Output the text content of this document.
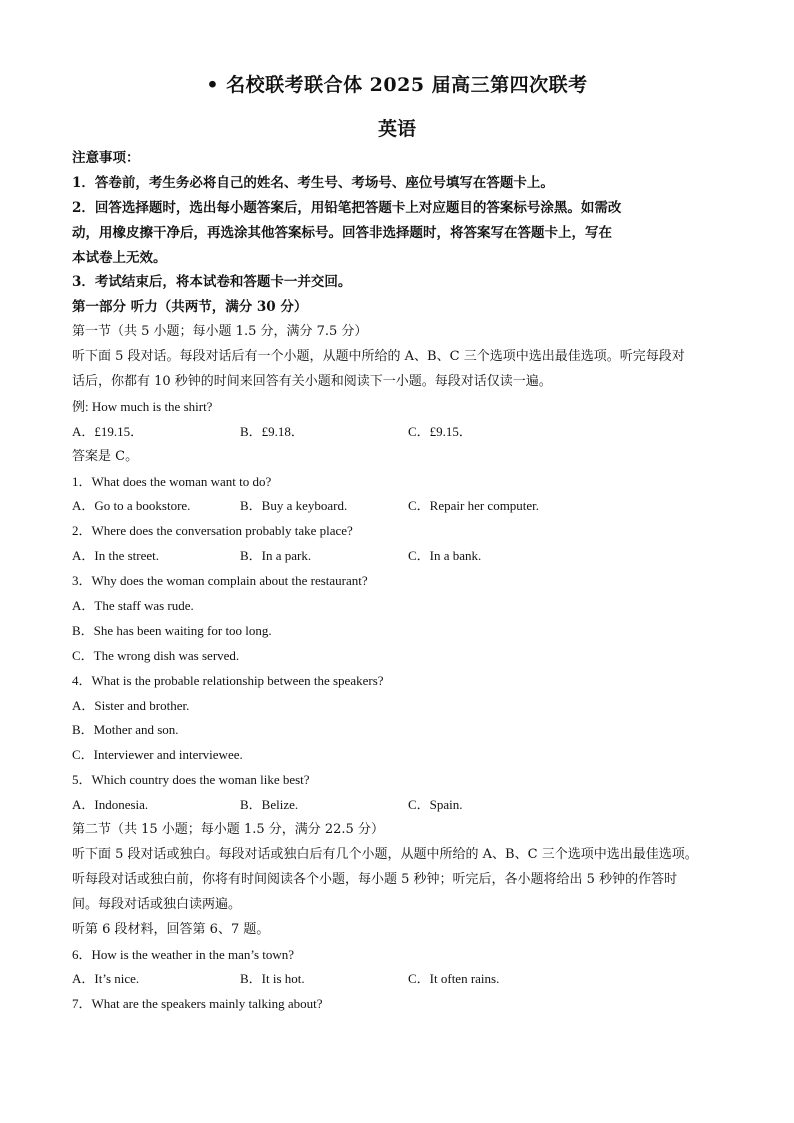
• 名校联考联合体 2025 届高三第四次联考
英语
注意事项：
1．答卷前，考生务必将自己的姓名、考生号、考场号、座位号填写在答题卡上。
2．回答选择题时，选出每小题答案后，用铅笔把答题卡上对应题目的答案标号涂黑。如需改
动，用橡皮擦干净后，再选涂其他答案标号。回答非选择题时，将答案写在答题卡上，写在
本试卷上无效。
3．考试结束后，将本试卷和答题卡一并交回。
第一部分 听力（共两节，满分 30 分）
第一节（共 5 小题；每小题 1.5 分，满分 7.5 分）
听下面 5 段对话。每段对话后有一个小题，从题中所给的 A、B、C 三个选项中选出最佳选项。听完每段对
话后，你都有 10 秒钟的时间来回答有关小题和阅读下一小题。每段对话仅读一遍。
例: How much is the shirt?
A．£19.15．	B．£9.18．	C．£9.15．
答案是 C。
1．What does the woman want to do?
A．Go to a bookstore.	B．Buy a keyboard.	C．Repair her computer.
2．Where does the conversation probably take place?
A．In the street.	B．In a park.	C．In a bank.
3．Why does the woman complain about the restaurant?
A．The staff was rude.
B．She has been waiting for too long.
C．The wrong dish was served.
4．What is the probable relationship between the speakers?
A．Sister and brother.
B．Mother and son.
C．Interviewer and interviewee.
5．Which country does the woman like best?
A．Indonesia.	B．Belize.	C．Spain.
第二节（共 15 小题；每小题 1.5 分，满分 22.5 分）
听下面 5 段对话或独白。每段对话或独白后有几个小题，从题中所给的 A、B、C 三个选项中选出最佳选项。
听每段对话或独白前，你将有时间阅读各个小题，每小题 5 秒钟；听完后，各小题将给出 5 秒钟的作答时
间。每段对话或独白读两遍。
听第 6 段材料，回答第 6、7 题。
6．How is the weather in the man’s town?
A．It’s nice.	B．It is hot.	C．It often rains.
7．What are the speakers mainly talking about?
